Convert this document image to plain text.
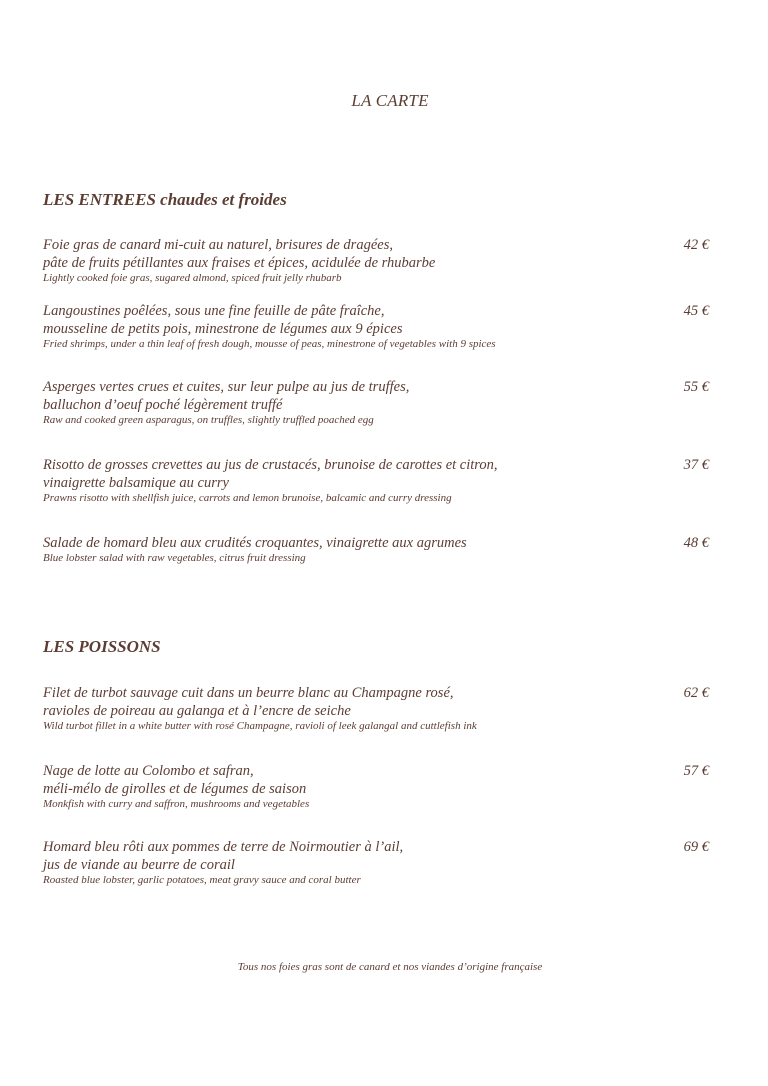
LA CARTE
LES ENTREES chaudes et froides
Foie gras de canard mi-cuit au naturel, brisures de dragées,
pâte de fruits pétillantes aux fraises et épices, acidulée de rhubarbe
Lightly cooked foie gras, sugared almond, spiced fruit jelly rhubarb
42 €
Langoustines poêlées, sous une fine feuille de pâte fraîche,
mousseline de petits pois, minestrone de légumes aux 9 épices
Fried shrimps, under a thin leaf of fresh dough, mousse of peas, minestrone of vegetables with 9 spices
45 €
Asperges vertes crues et cuites, sur leur pulpe au jus de truffes,
balluchon d’oeuf poché légèrement truffé
Raw and cooked green asparagus, on truffles, slightly truffled poached egg
55 €
Risotto de grosses crevettes au jus de crustacés, brunoise de carottes et citron,
vinaigrette balsamique au curry
Prawns risotto with shellfish juice, carrots and lemon brunoise, balcamic and curry dressing
37 €
Salade de homard bleu aux crudités croquantes, vinaigrette aux agrumes
Blue lobster salad with raw vegetables, citrus fruit dressing
48 €
LES POISSONS
Filet de turbot sauvage cuit dans un beurre blanc au Champagne rosé,
ravioles de poireau au galanga et à l’encre de seiche
Wild turbot fillet in a white butter with rosé Champagne, ravioli of leek galangal and cuttlefish ink
62 €
Nage de lotte au Colombo et safran,
méli-mélo de girolles et de légumes de saison
Monkfish with curry and saffron, mushrooms and vegetables
57 €
Homard bleu rôti aux pommes de terre de Noirmoutier à l’ail,
jus de viande au beurre de corail
Roasted blue lobster, garlic potatoes, meat gravy sauce and coral butter
69 €
Tous nos foies gras sont de canard et nos viandes d’origine française
